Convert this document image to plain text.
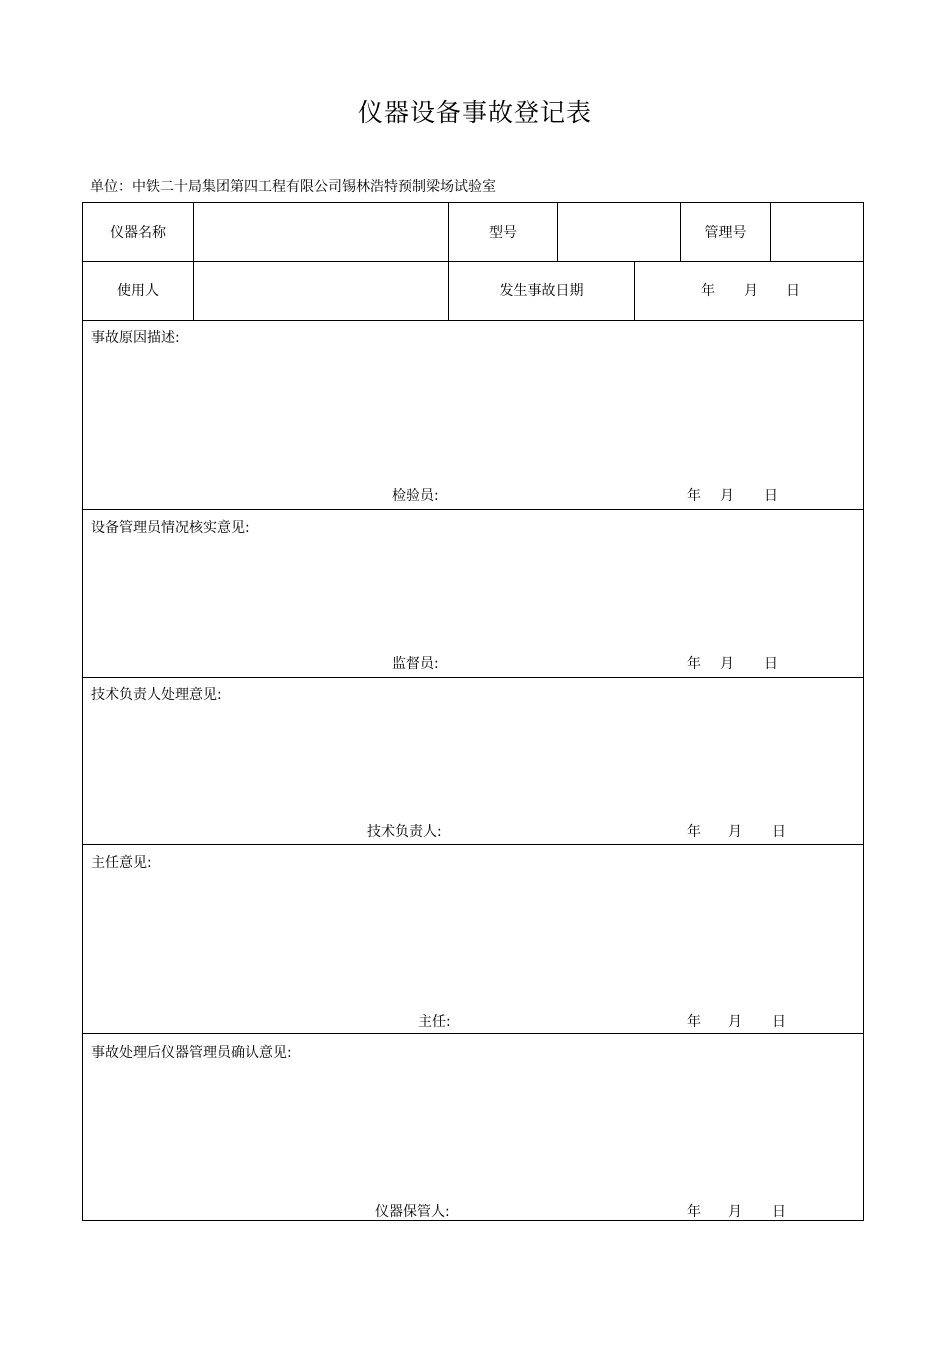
仪器设备事故登记表
单位：中铁二十局集团第四工程有限公司锡林浩特预制梁场试验室
仪器名称	型号	管理号
使用人	发生事故日期	年 月 日
事故原因描述:
检验员:	年 月 日
设备管理员情况核实意见:
监督员:	年 月 日
技术负责人处理意见:
技术负责人:	年 月 日
主任意见:
主任:	年 月 日
事故处理后仪器管理员确认意见:
仪器保管人:	年 月 日
